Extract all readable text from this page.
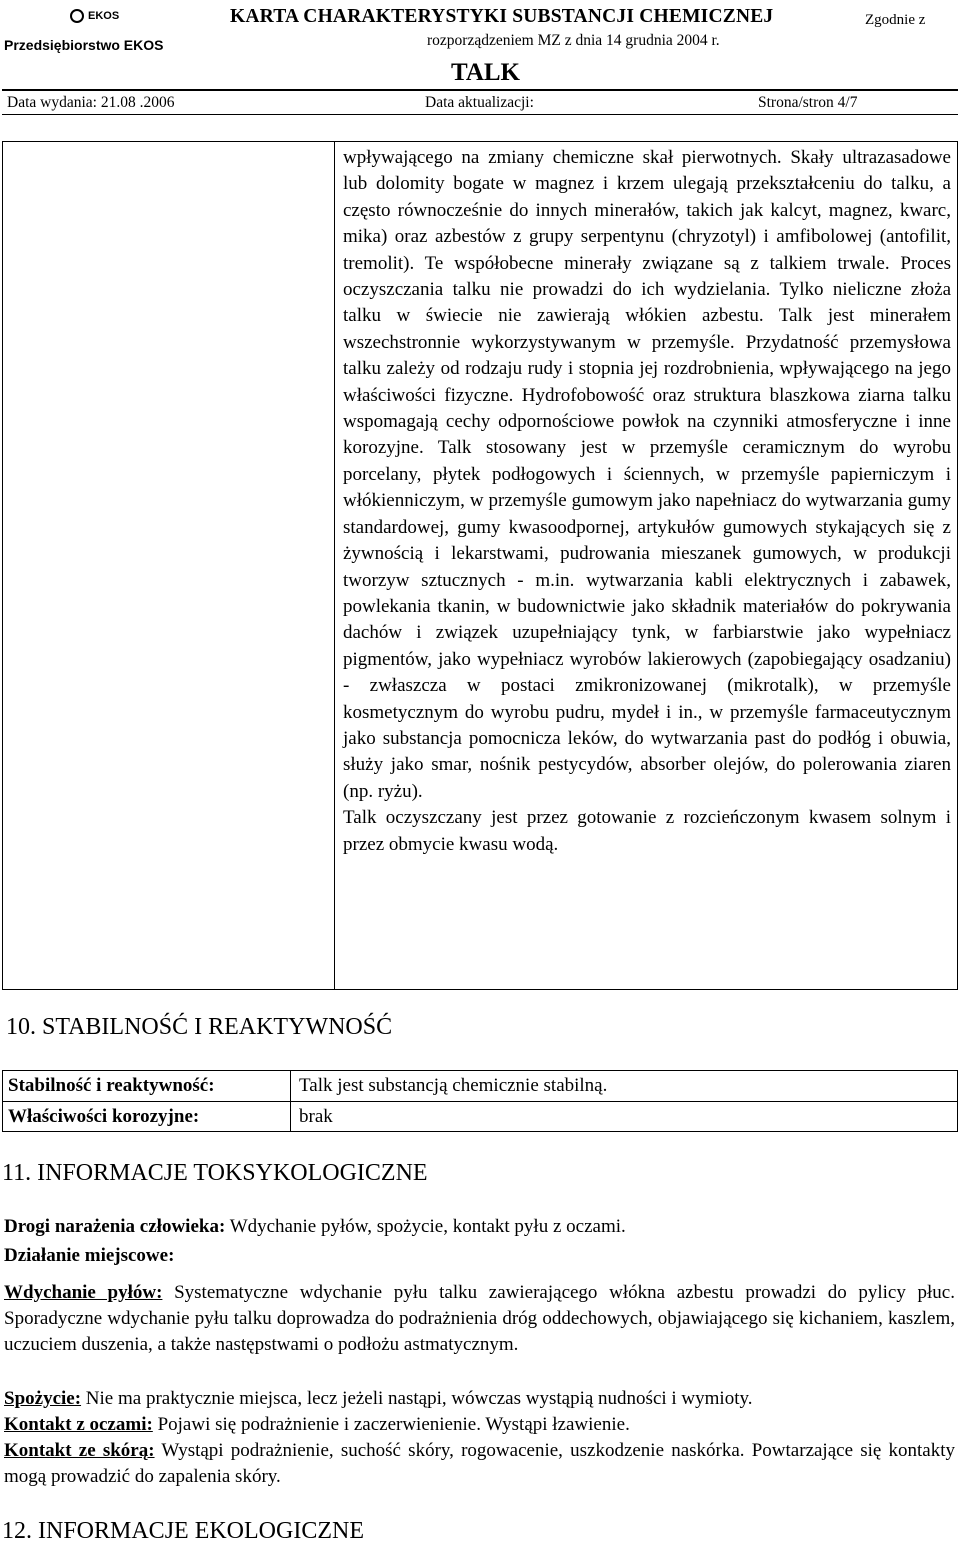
EKOS
Przedsiębiorstwo EKOS
KARTA CHARAKTERYSTYKI SUBSTANCJI CHEMICZNEJ	Zgodnie z
rozporządzeniem MZ z dnia 14 grudnia 2004 r.
TALK
Data wydania: 21.08 .2006	Data aktualizacji:	Strona/stron 4/7

wpływającego na zmiany chemiczne skał pierwotnych. Skały ultrazasadowe lub dolomity bogate w magnez i krzem ulegają przekształceniu do talku, a często równocześnie do innych minerałów, takich jak kalcyt, magnez, kwarc, mika) oraz azbestów z grupy serpentynu (chryzotyl) i amfibolowej (antofilit, tremolit). Te współobecne minerały związane są z talkiem trwale. Proces oczyszczania talku nie prowadzi do ich wydzielania. Tylko nieliczne złoża talku w świecie nie zawierają włókien azbestu. Talk jest minerałem wszechstronnie wykorzystywanym w przemyśle. Przydatność przemysłowa talku zależy od rodzaju rudy i stopnia jej rozdrobnienia, wpływającego na jego właściwości fizyczne. Hydrofobowość oraz struktura blaszkowa ziarna talku wspomagają cechy odpornościowe powłok na czynniki atmosferyczne i inne korozyjne. Talk stosowany jest w przemyśle ceramicznym do wyrobu porcelany, płytek podłogowych i ściennych, w przemyśle papierniczym i włókienniczym, w przemyśle gumowym jako napełniacz do wytwarzania gumy standardowej, gumy kwasoodpornej, artykułów gumowych stykających się z żywnością i lekarstwami, pudrowania mieszanek gumowych, w produkcji tworzyw sztucznych - m.in. wytwarzania kabli elektrycznych i zabawek, powlekania tkanin, w budownictwie jako składnik materiałów do pokrywania dachów i związek uzupełniający tynk, w farbiarstwie jako wypełniacz pigmentów, jako wypełniacz wyrobów lakierowych (zapobiegający osadzaniu) - zwłaszcza w postaci zmikronizowanej (mikrotalk), w przemyśle kosmetycznym do wyrobu pudru, mydeł i in., w przemyśle farmaceutycznym jako substancja pomocnicza leków, do wytwarzania past do podłóg i obuwia, służy jako smar, nośnik pestycydów, absorber olejów, do polerowania ziaren (np. ryżu).

Talk oczyszczany jest przez gotowanie z rozcieńczonym kwasem solnym i przez obmycie kwasu wodą.

10. STABILNOŚĆ I REAKTYWNOŚĆ
Stabilność i reaktywność:	Talk jest substancją chemicznie stabilną.
Właściwości korozyjne:	brak
11. INFORMACJE TOKSYKOLOGICZNE
Drogi narażenia człowieka: Wdychanie pyłów, spożycie, kontakt pyłu z oczami.
Działanie miejscowe:
Wdychanie pyłów: Systematyczne wdychanie pyłu talku zawierającego włókna azbestu prowadzi do pylicy płuc. Sporadyczne wdychanie pyłu talku doprowadza do podrażnienia dróg oddechowych, objawiającego się kichaniem, kaszlem, uczuciem duszenia, a także następstwami o podłożu astmatycznym.
Spożycie: Nie ma praktycznie miejsca, lecz jeżeli nastąpi, wówczas wystąpią nudności i wymioty.
Kontakt z oczami: Pojawi się podrażnienie i zaczerwienienie. Wystąpi łzawienie.
Kontakt ze skórą: Wystąpi podrażnienie, suchość skóry, rogowacenie, uszkodzenie naskórka. Powtarzające się kontakty mogą prowadzić do zapalenia skóry.
12. INFORMACJE EKOLOGICZNE
